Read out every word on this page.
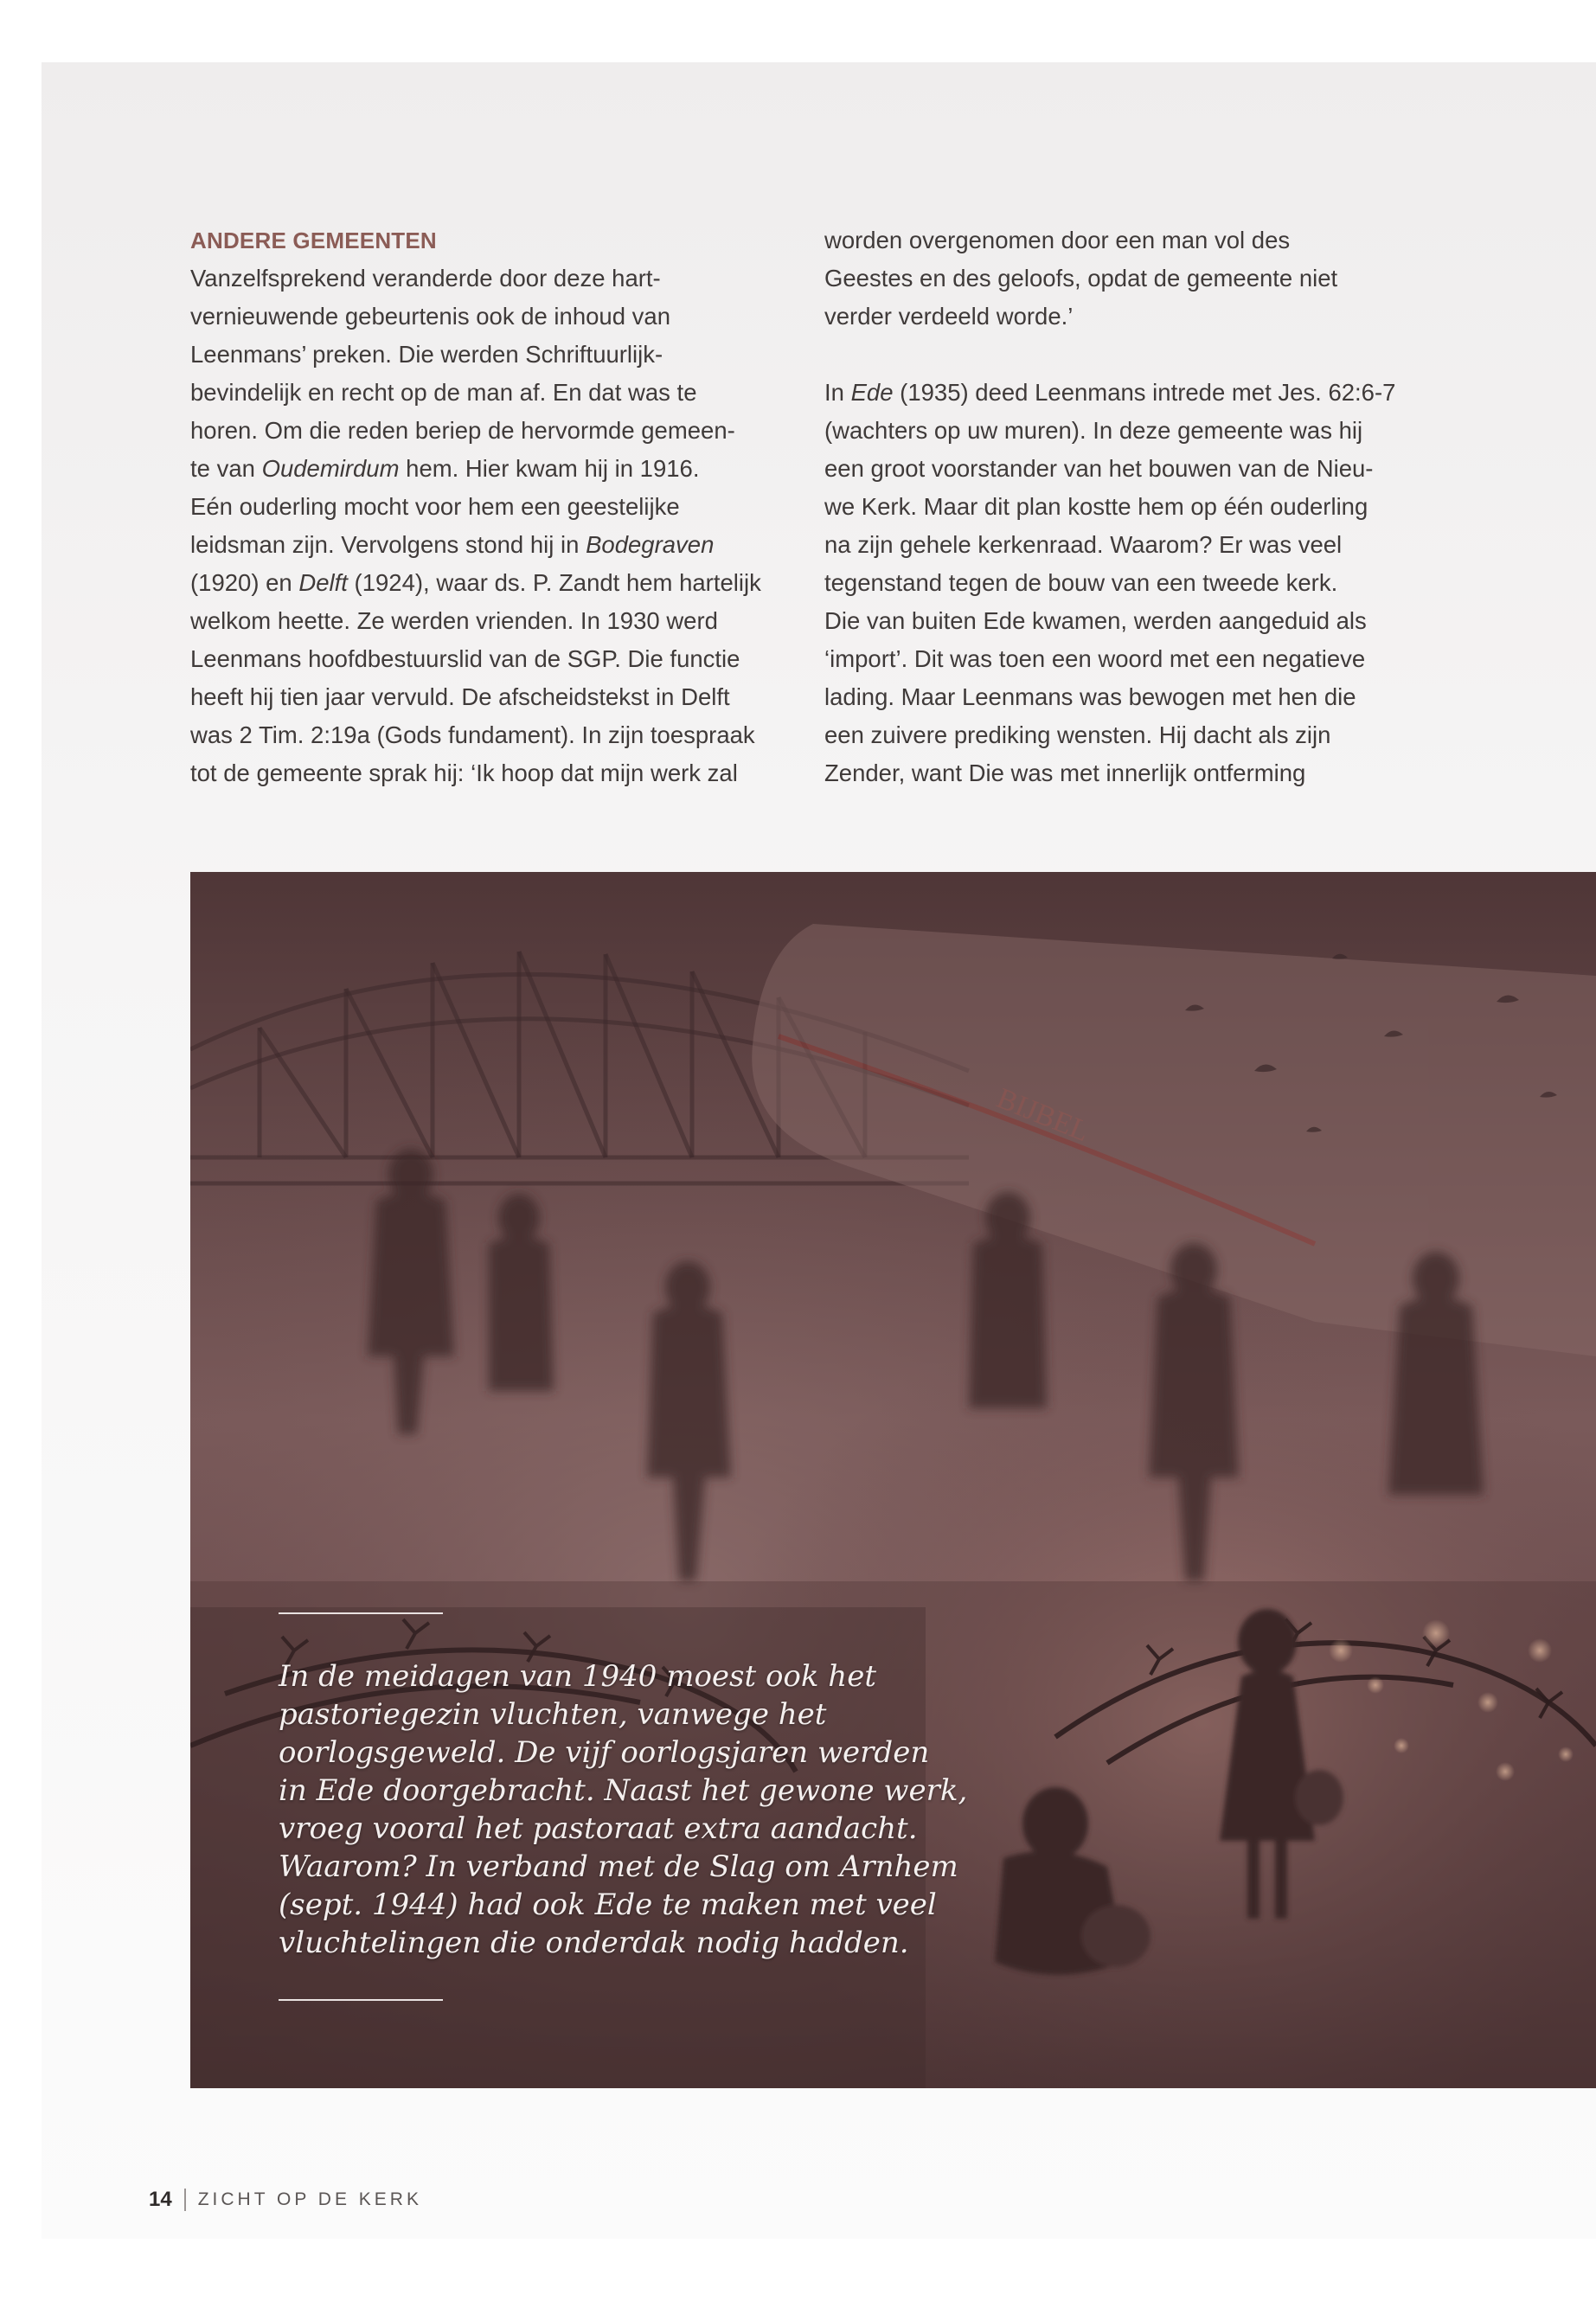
ANDERE GEMEENTEN
Vanzelfsprekend veranderde door deze hart-
vernieuwende gebeurtenis ook de inhoud van
Leenmans’ preken. Die werden Schriftuurlijk-
bevindelijk en recht op de man af. En dat was te
horen. Om die reden beriep de hervormde gemeen-
te van Oudemirdum hem. Hier kwam hij in 1916.
Eén ouderling mocht voor hem een geestelijke
leidsman zijn. Vervolgens stond hij in Bodegraven
(1920) en Delft (1924), waar ds. P. Zandt hem hartelijk
welkom heette. Ze werden vrienden. In 1930 werd
Leenmans hoofdbestuurslid van de SGP. Die functie
heeft hij tien jaar vervuld. De afscheidstekst in Delft
was 2 Tim. 2:19a (Gods fundament). In zijn toespraak
tot de gemeente sprak hij: ‘Ik hoop dat mijn werk zal
worden overgenomen door een man vol des
Geestes en des geloofs, opdat de gemeente niet
verder verdeeld worde.’
In Ede (1935) deed Leenmans intrede met Jes. 62:6-7
(wachters op uw muren). In deze gemeente was hij
een groot voorstander van het bouwen van de Nieu-
we Kerk. Maar dit plan kostte hem op één ouderling
na zijn gehele kerkenraad. Waarom? Er was veel
tegenstand tegen de bouw van een tweede kerk.
Die van buiten Ede kwamen, werden aangeduid als
‘import’. Dit was toen een woord met een negatieve
lading. Maar Leenmans was bewogen met hen die
een zuivere prediking wensten. Hij dacht als zijn
Zender, want Die was met innerlijk ontferming
BIJBEL
In de meidagen van 1940 moest ook het
pastoriegezin vluchten, vanwege het
oorlogsgeweld. De vijf oorlogsjaren werden
in Ede doorgebracht. Naast het gewone werk,
vroeg vooral het pastoraat extra aandacht.
Waarom? In verband met de Slag om Arnhem
(sept. 1944) had ook Ede te maken met veel
vluchtelingen die onderdak nodig hadden.
14 ZICHT OP DE KERK
